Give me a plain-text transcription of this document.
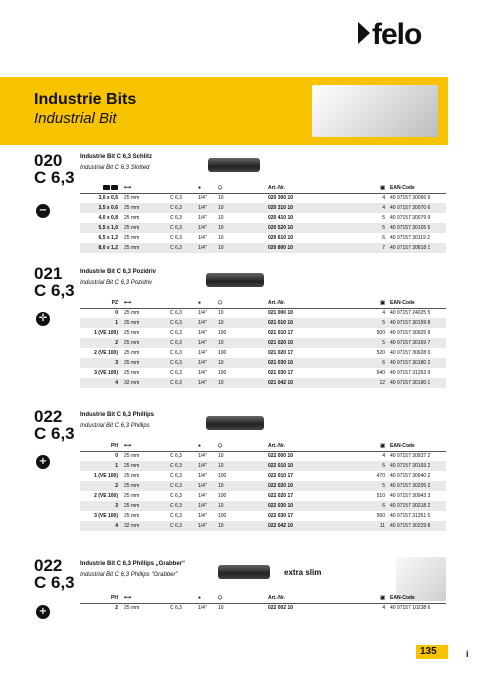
felo
Industrie Bits
Industrial Bit
020
C 6,3
−
Industrie Bit C 6,3 Schlitz
Industrial Bit C 6,3 Slotted
	⟷		●	⬡	Art.-Nr.	▣	EAN-Code
3,0 x 0,5	25 mm	C 6,3	1/4"	10	020 300 10	4	40 07157 30066 9
3,5 x 0,6	25 mm	C 6,3	1/4"	10	020 310 10	4	40 07157 30070 6
4,0 x 0,8	25 mm	C 6,3	1/4"	10	020 410 10	5	40 07157 30079 9
5,5 x 1,0	25 mm	C 6,3	1/4"	10	020 520 10	5	40 07157 30105 5
6,5 x 1,2	25 mm	C 6,3	1/4"	10	020 610 10	6	40 07157 30119 2
8,0 x 1,2	25 mm	C 6,3	1/4"	10	020 800 10	7	40 07157 30818 1
021
C 6,3
✛
Industrie Bit C 6,3 Pozidriv
Industrial Bit C 6,3 Pozidriv
PZ	⟷		●	⬡	Art.-Nr.	▣	EAN-Code
0	25 mm	C 6,3	1/4"	10	021 000 10	4	40 07157 24025 5
1	25 mm	C 6,3	1/4"	10	021 010 10	5	40 07157 30159 8
1 (VE 100)	25 mm	C 6,3	1/4"	100	021 010 17	500	40 07157 30925 9
2	25 mm	C 6,3	1/4"	10	021 020 10	5	40 07157 30169 7
2 (VE 100)	25 mm	C 6,3	1/4"	100	021 020 17	520	40 07157 30928 0
3	25 mm	C 6,3	1/4"	10	021 030 10	6	40 07157 30180 2
3 (VE 100)	25 mm	C 6,3	1/4"	100	021 030 17	540	40 07157 31353 9
4	32 mm	C 6,3	1/4"	10	021 042 10	12	40 07157 30190 1
022
C 6,3
+
Industrie Bit C 6,3 Phillips
Industrial Bit C 6,3 Phillips
PH	⟷		●	⬡	Art.-Nr.	▣	EAN-Code
0	25 mm	C 6,3	1/4"	10	022 000 10	4	40 07157 30937 2
1	25 mm	C 6,3	1/4"	10	022 010 10	5	40 07157 30193 2
1 (VE 100)	25 mm	C 6,3	1/4"	100	022 010 17	470	40 07157 30940 2
2	25 mm	C 6,3	1/4"	10	022 020 10	5	40 07157 30205 2
2 (VE 100)	25 mm	C 6,3	1/4"	100	022 020 17	510	40 07157 30943 3
3	25 mm	C 6,3	1/4"	10	022 030 10	6	40 07157 30218 2
3 (VE 100)	25 mm	C 6,3	1/4"	100	022 030 17	560	40 07157 31351 5
4	32 mm	C 6,3	1/4"	10	022 042 10	11	40 07157 30229 8
022
C 6,3
+
Industrie Bit C 6,3 Phillips „Grabber“
Industrial Bit C 6,3 Phillips "Grabber"	extra slim
PH	⟷		●	⬡	Art.-Nr.	▣	EAN-Code
2	25 mm	C 6,3	1/4"	10	022 002 10	4	40 07157 10238 6
135	i
